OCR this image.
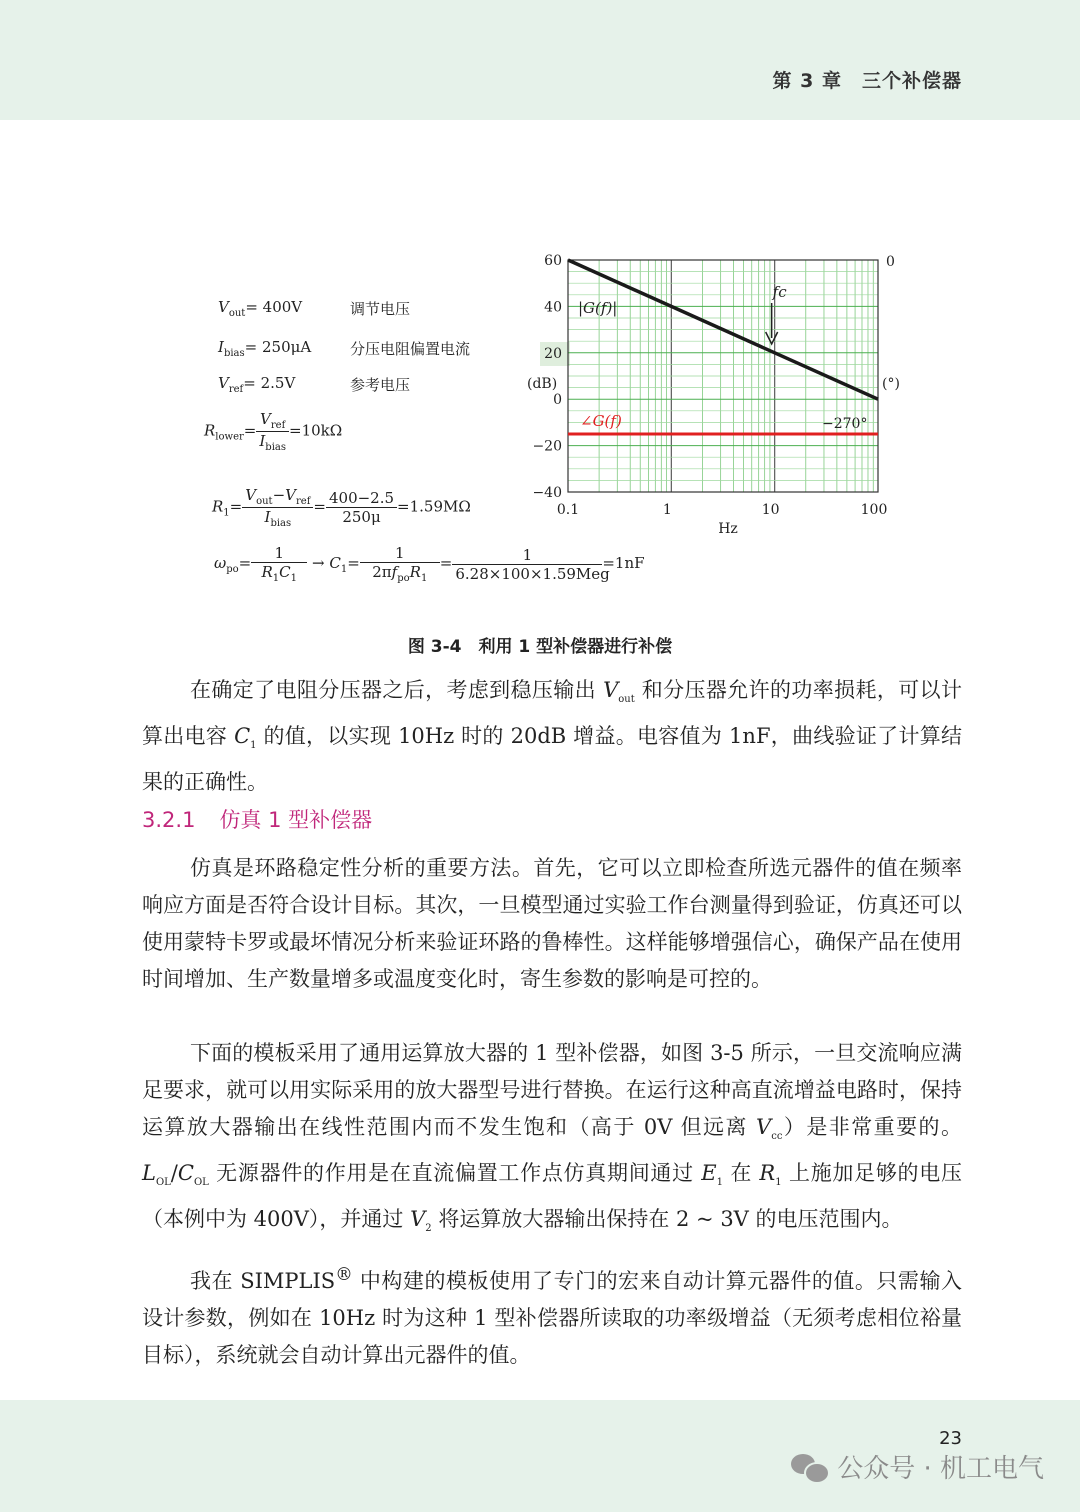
第 3 章　三个补偿器
$V_{out}= 400V$	调节电压
$I_{bias}= 250\mu A$	分压电阻偏置电流
$V_{ref}= 2.5V$	参考电压
$R_{lower}= \frac{V_{ref}}{I_{bias}} =10k\Omega$
$R_1= \frac{V_{out}-V_{ref}}{I_{bias}} = \frac{400-2.5}{250\mu} =1.59M\Omega$
$\omega_{po}= \frac{1}{R_1C_1} \to C_1= \frac{1}{2\pi f_{po}R_1} = \frac{1}{\text{6.28×100×1.59Meg}} =1nF$
60
40
20
0
−20
−40
0.1	1	10	100
0
(dB)	(°)
Hz
|G(f)|
∠G(f)
fc
−270°
图 3-4　利用 1 型补偿器进行补偿

在确定了电阻分压器之后，考虑到稳压输出 $V_{out}$ 和分压器允许的功率损耗，可以计算出电容 $C_1$ 的值，以实现 10Hz 时的 20dB 增益。电容值为 1nF，曲线验证了计算结果的正确性。

3.2.1 仿真 1 型补偿器

仿真是环路稳定性分析的重要方法。首先，它可以立即检查所选元器件的值在频率响应方面是否符合设计目标。其次，一旦模型通过实验工作台测量得到验证，仿真还可以使用蒙特卡罗或最坏情况分析来验证环路的鲁棒性。这样能够增强信心，确保产品在使用时间增加、生产数量增多或温度变化时，寄生参数的影响是可控的。

下面的模板采用了通用运算放大器的 1 型补偿器，如图 3-5 所示，一旦交流响应满足要求，就可以用实际采用的放大器型号进行替换。在运行这种高直流增益电路时，保持运算放大器输出在线性范围内而不发生饱和（高于 0V 但远离 $V_{cc}$）是非常重要的。$L_{OL}/C_{OL}$ 无源器件的作用是在直流偏置工作点仿真期间通过 $E_1$ 在 $R_1$ 上施加足够的电压（本例中为 400V），并通过 $V_2$ 将运算放大器输出保持在 2 ~ 3V 的电压范围内。

我在 SIMPLIS® 中构建的模板使用了专门的宏来自动计算元器件的值。只需输入设计参数，例如在 10Hz 时为这种 1 型补偿器所读取的功率级增益（无须考虑相位裕量目标），系统就会自动计算出元器件的值。

23
公众号 · 机工电气
